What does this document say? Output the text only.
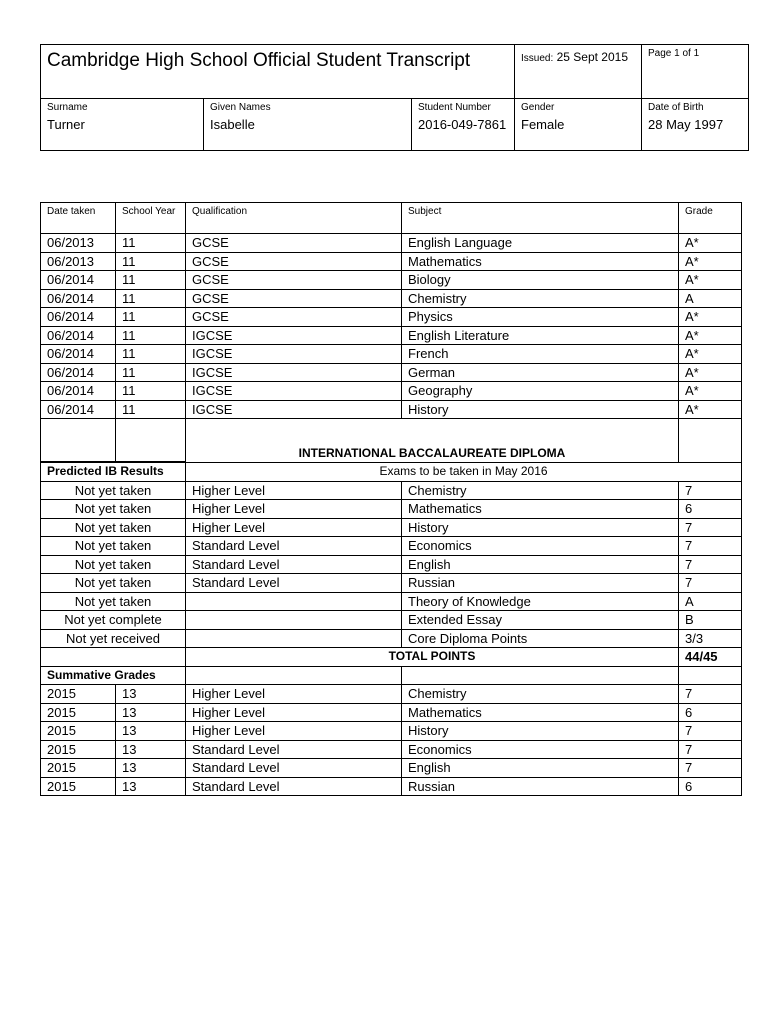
Cambridge High School Official Student Transcript			Issued: 25 Sept 2015	Page 1 of 1
Surname	Given Names	Student Number	Gender	Date of Birth
Turner	Isabelle	2016-049-7861	Female	28 May 1997
Date taken	School Year	Qualification	Subject	Grade
06/2013	11	GCSE	English Language	A*
06/2013	11	GCSE	Mathematics	A*
06/2014	11	GCSE	Biology	A*
06/2014	11	GCSE	Chemistry	A
06/2014	11	GCSE	Physics	A*
06/2014	11	IGCSE	English Literature	A*
06/2014	11	IGCSE	French	A*
06/2014	11	IGCSE	German	A*
06/2014	11	IGCSE	Geography	A*
06/2014	11	IGCSE	History	A*
		INTERNATIONAL BACCALAUREATE DIPLOMA		

Predicted IB Results		Exams to be taken in May 2016		
Not yet taken		Higher Level	Chemistry	7
Not yet taken		Higher Level	Mathematics	6
Not yet taken		Higher Level	History	7
Not yet taken		Standard Level	Economics	7
Not yet taken		Standard Level	English	7
Not yet taken		Standard Level	Russian	7
Not yet taken			Theory of Knowledge	A
Not yet complete			Extended Essay	B
Not yet received			Core Diploma Points	3/3
		TOTAL POINTS		44/45
Summative Grades				
2015	13	Higher Level	Chemistry	7
2015	13	Higher Level	Mathematics	6
2015	13	Higher Level	History	7
2015	13	Standard Level	Economics	7
2015	13	Standard Level	English	7
2015	13	Standard Level	Russian	6
